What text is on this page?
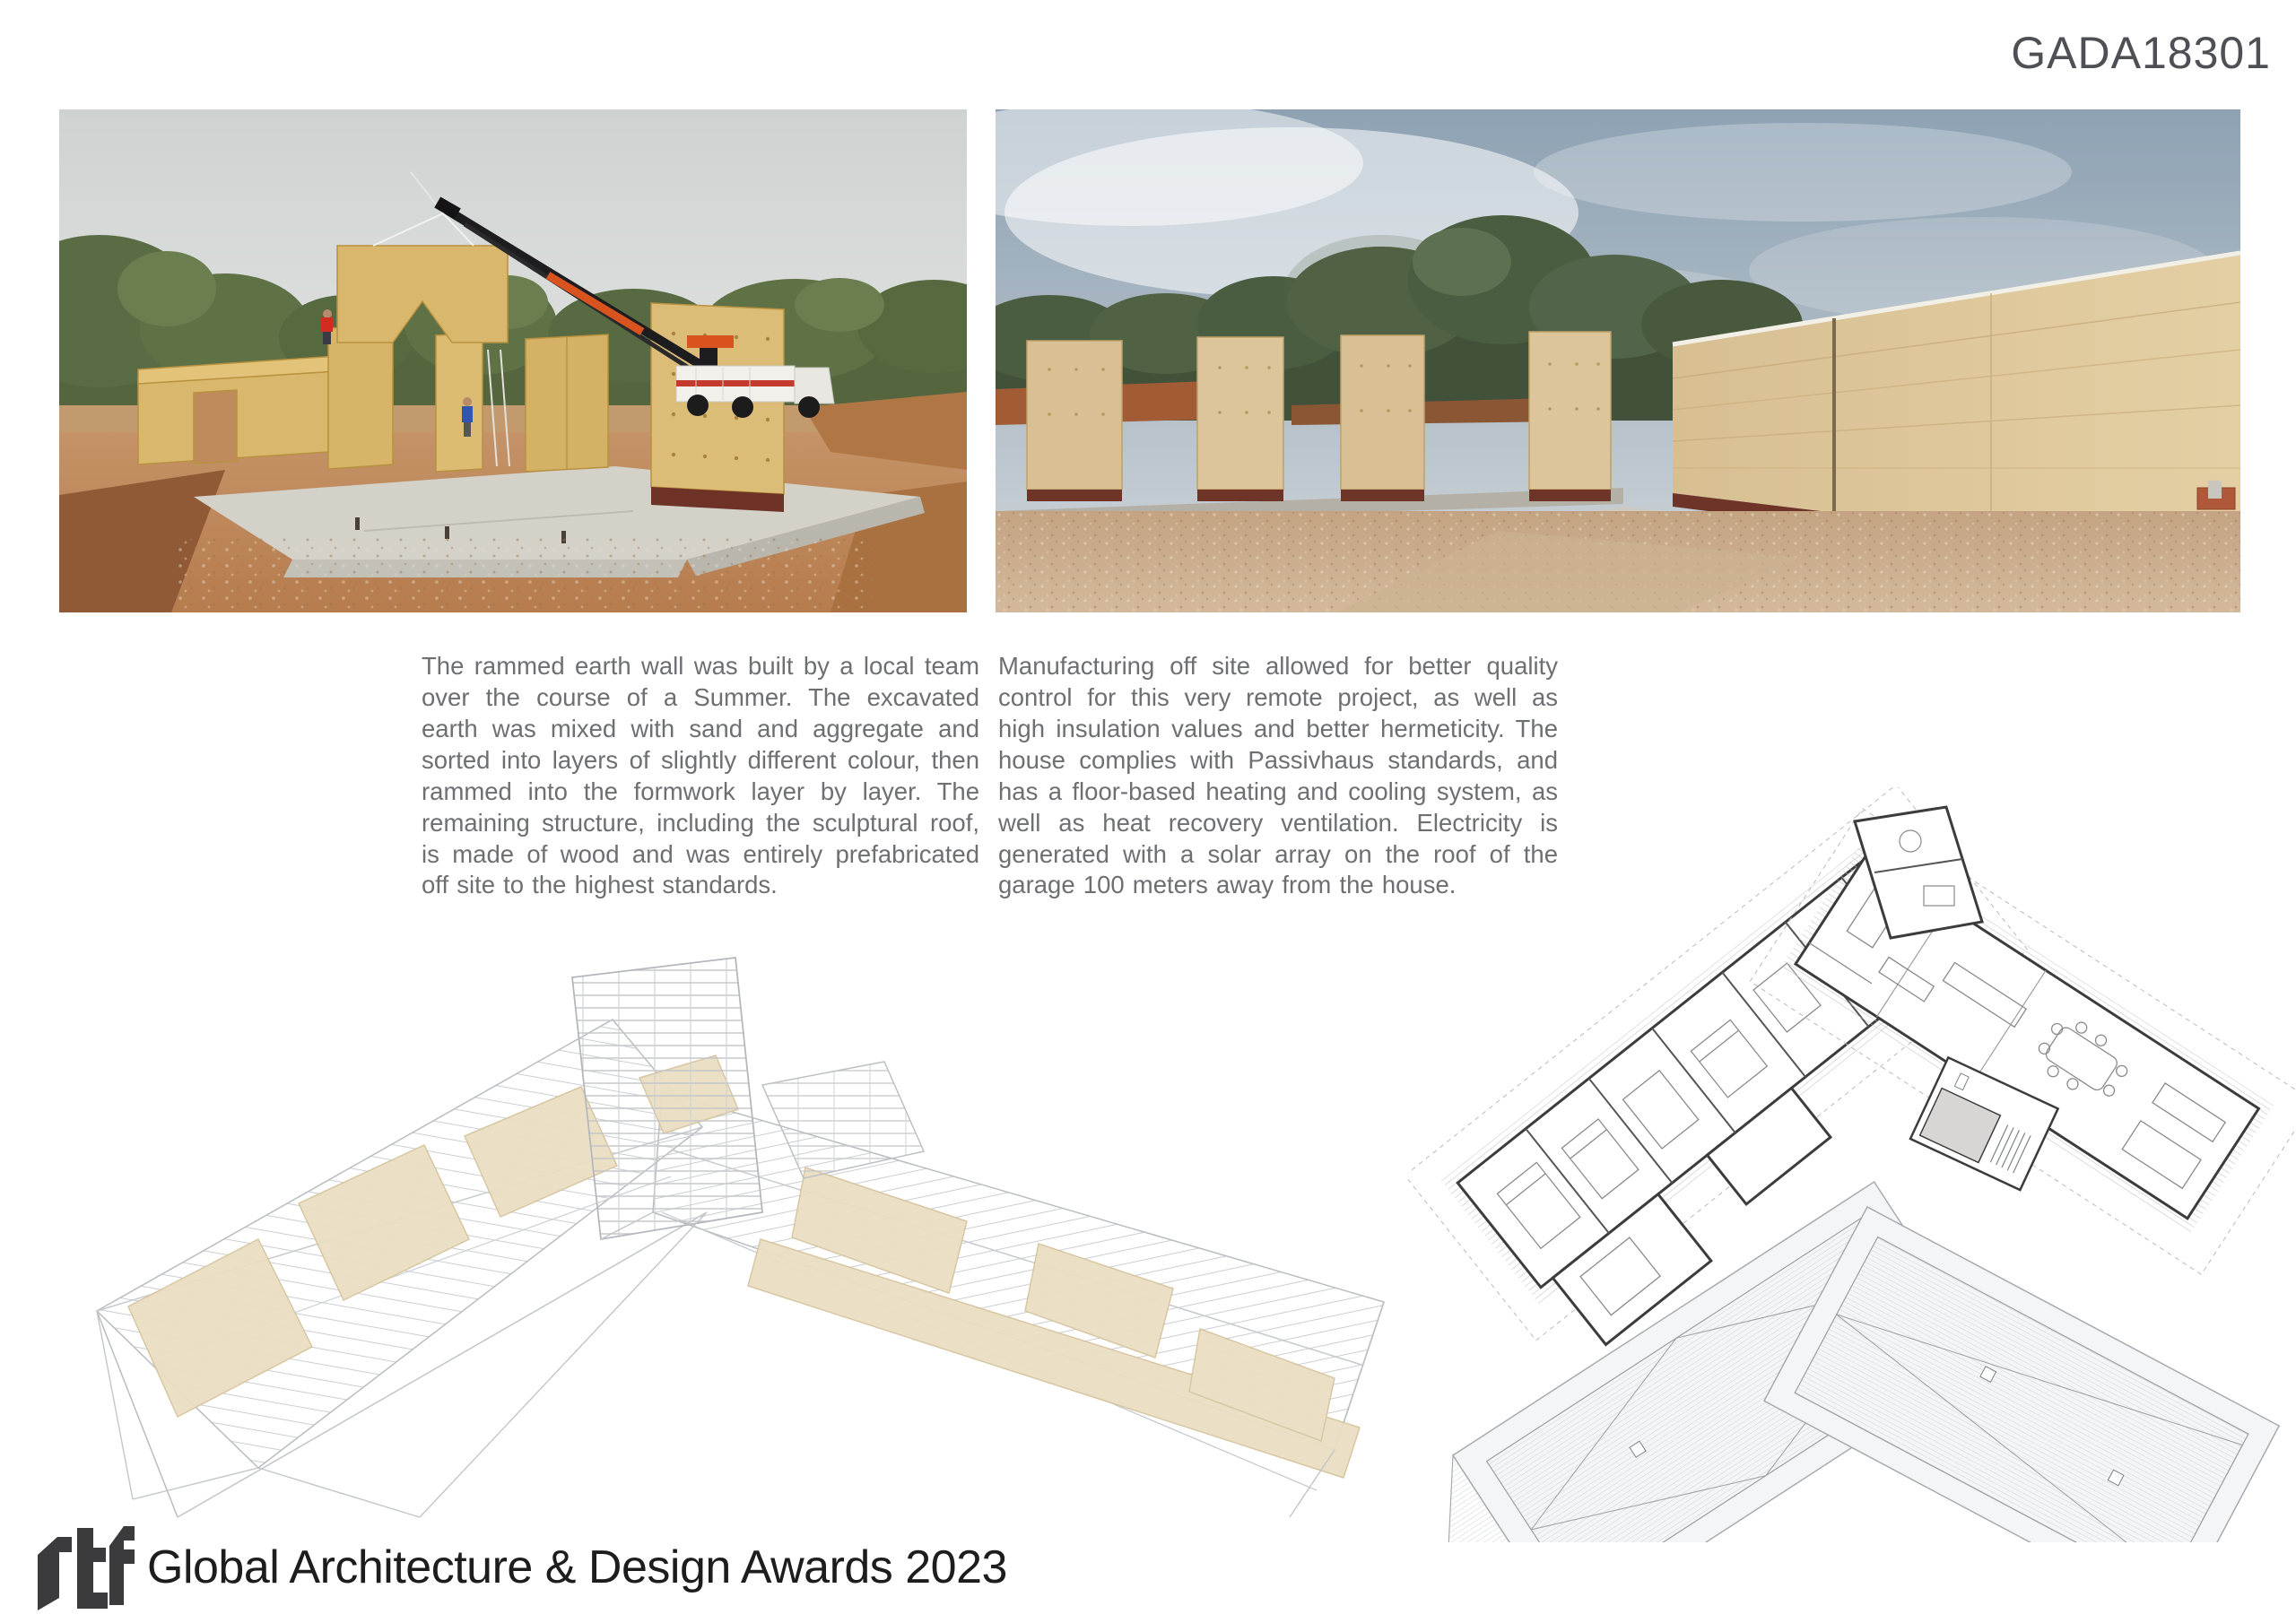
GADA18301
The rammed earth wall was built by a local team over the course of a Summer. The excavated earth was mixed with sand and aggregate and sorted into layers of slightly different colour, then rammed into the formwork layer by layer. The remaining structure, including the sculptural roof, is made of wood and was entirely prefabricated off site to the highest standards.
Manufacturing off site allowed for better quality control for this very remote project, as well as high insulation values and better hermeticity. The house complies with Passivhaus standards, and has a floor-based heating and cooling system, as well as heat recovery ventilation. Electricity is generated with a solar array on the roof of the garage 100 meters away from the house.
Global Architecture & Design Awards 2023
